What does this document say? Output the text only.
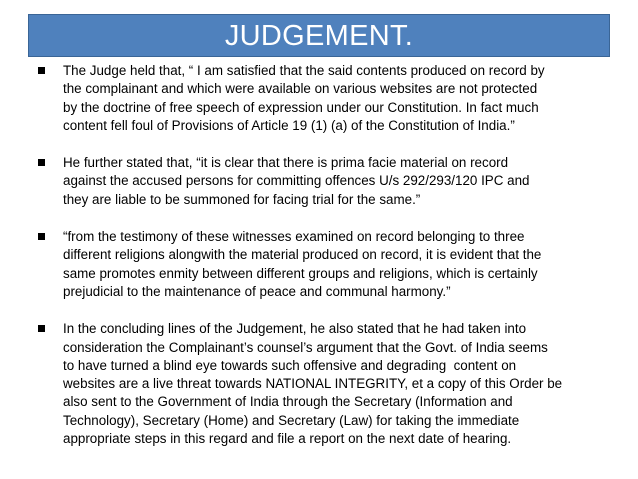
JUDGEMENT.
The Judge held that, “ I am satisfied that the said contents produced on record by
the complainant and which were available on various websites are not protected
by the doctrine of free speech of expression under our Constitution. In fact much
content fell foul of Provisions of Article 19 (1) (a) of the Constitution of India.”
He further stated that, “it is clear that there is prima facie material on record
against the accused persons for committing offences U/s 292/293/120 IPC and
they are liable to be summoned for facing trial for the same.”
“from the testimony of these witnesses examined on record belonging to three
different religions alongwith the material produced on record, it is evident that the
same promotes enmity between different groups and religions, which is certainly
prejudicial to the maintenance of peace and communal harmony.”
In the concluding lines of the Judgement, he also stated that he had taken into
consideration the Complainant’s counsel’s argument that the Govt. of India seems
to have turned a blind eye towards such offensive and degrading  content on
websites are a live threat towards NATIONAL INTEGRITY, et a copy of this Order be
also sent to the Government of India through the Secretary (Information and
Technology), Secretary (Home) and Secretary (Law) for taking the immediate
appropriate steps in this regard and file a report on the next date of hearing.
